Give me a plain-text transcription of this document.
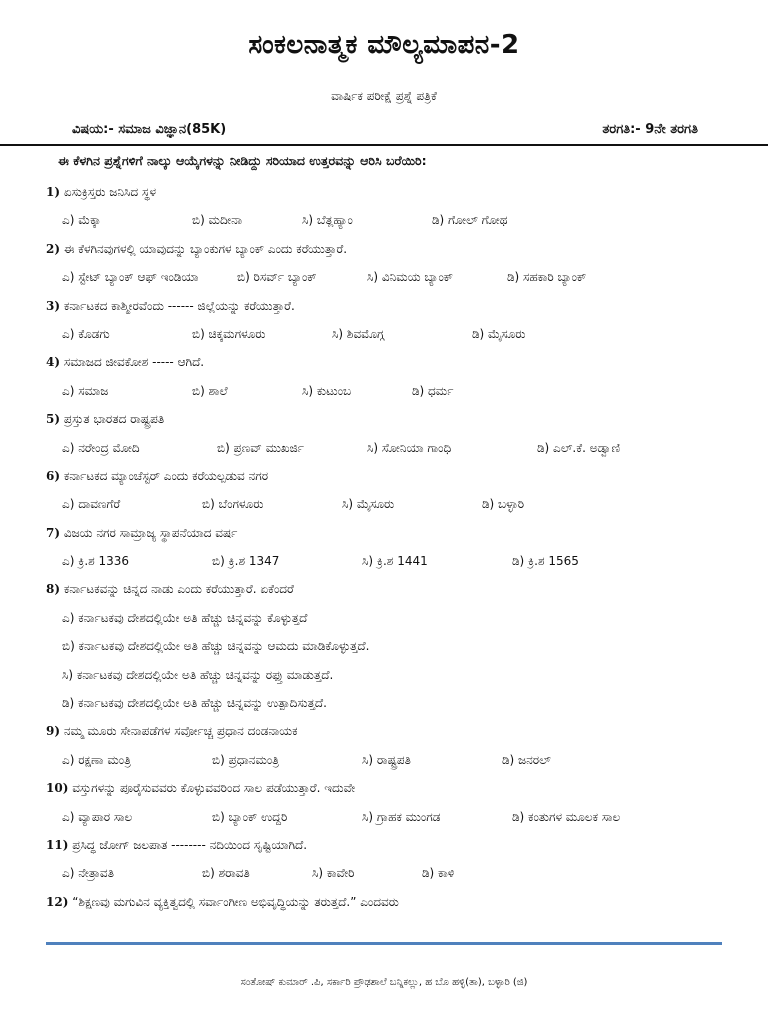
ಸಂಕಲನಾತ್ಮಕ ಮೌಲ್ಯಮಾಪನ-2
ವಾರ್ಷಿಕ ಪರೀಕ್ಷೆ ಪ್ರಶ್ನೆ ಪತ್ರಿಕೆ
ವಿಷಯ:- ಸಮಾಜ ವಿಜ್ಞಾನ(85K)	ತರಗತಿ:- 9ನೇ ತರಗತಿ
ಈ ಕೆಳಗಿನ ಪ್ರಶ್ನೆಗಳಿಗೆ ನಾಲ್ಕು ಆಯ್ಕೆಗಳನ್ನು ನೀಡಿದ್ದು ಸರಿಯಾದ ಉತ್ತರವನ್ನು ಆರಿಸಿ ಬರೆಯಿರಿ:
1) ಏಸುಕ್ರಿಸ್ತರು ಜನಿಸಿದ ಸ್ಥಳ
ಎ) ಮೆಕ್ಕಾ	ಬಿ) ಮದೀನಾ	ಸಿ) ಬೆತ್ಲಹ್ಯಾಂ	ಡಿ) ಗೋಲ್ ಗೋಥ
2) ಈ ಕೆಳಗಿನವುಗಳಲ್ಲಿ ಯಾವುದನ್ನು ಬ್ಯಾಂಕುಗಳ ಬ್ಯಾಂಕ್ ಎಂದು ಕರೆಯುತ್ತಾರೆ.
ಎ) ಸ್ಟೇಟ್ ಬ್ಯಾಂಕ್ ಆಫ್ ಇಂಡಿಯಾ	ಬಿ) ರಿಸರ್ವ್ ಬ್ಯಾಂಕ್	ಸಿ) ವಿನಿಮಯ ಬ್ಯಾಂಕ್	ಡಿ) ಸಹಕಾರಿ ಬ್ಯಾಂಕ್
3) ಕರ್ನಾಟಕದ ಕಾಶ್ಮೀರವೆಂದು ------ ಜಿಲ್ಲೆಯನ್ನು ಕರೆಯುತ್ತಾರೆ.
ಎ) ಕೊಡಗು	ಬಿ) ಚಿಕ್ಕಮಗಳೂರು	ಸಿ) ಶಿವಮೊಗ್ಗ	ಡಿ) ಮೈಸೂರು
4) ಸಮಾಜದ ಜೀವಕೋಶ ----- ಆಗಿದೆ.
ಎ) ಸಮಾಜ	ಬಿ) ಶಾಲೆ	ಸಿ) ಕುಟುಂಬ	ಡಿ) ಧರ್ಮ
5) ಪ್ರಸ್ತುತ ಭಾರತದ ರಾಷ್ಟ್ರಪತಿ
ಎ) ನರೇಂದ್ರ ಮೋದಿ	ಬಿ) ಪ್ರಣವ್ ಮುಖರ್ಜಿ	ಸಿ) ಸೋನಿಯಾ ಗಾಂಧಿ	ಡಿ) ಎಲ್.ಕೆ. ಅಡ್ವಾಣಿ
6) ಕರ್ನಾಟಕದ ಮ್ಯಾಂಚೆಸ್ಟರ್ ಎಂದು ಕರೆಯಲ್ಪಡುವ ನಗರ
ಎ) ದಾವಣಗೆರೆ	ಬಿ) ಬೆಂಗಳೂರು	ಸಿ) ಮೈಸೂರು	ಡಿ) ಬಳ್ಳಾರಿ
7) ವಿಜಯ ನಗರ ಸಾಮ್ರಾಜ್ಯ ಸ್ಥಾಪನೆಯಾದ ವರ್ಷ
ಎ) ಕ್ರಿ.ಶ 1336	ಬಿ) ಕ್ರಿ.ಶ 1347	ಸಿ) ಕ್ರಿ.ಶ 1441	ಡಿ) ಕ್ರಿ.ಶ 1565
8) ಕರ್ನಾಟಕವನ್ನು ಚಿನ್ನದ ನಾಡು ಎಂದು ಕರೆಯುತ್ತಾರೆ. ಏಕೆಂದರೆ
ಎ) ಕರ್ನಾಟಕವು ದೇಶದಲ್ಲಿಯೇ ಅತಿ ಹೆಚ್ಚು ಚಿನ್ನವನ್ನು ಕೊಳ್ಳುತ್ತದೆ
ಬಿ) ಕರ್ನಾಟಕವು ದೇಶದಲ್ಲಿಯೇ ಅತಿ ಹೆಚ್ಚು ಚಿನ್ನವನ್ನು ಆಮದು ಮಾಡಿಕೊಳ್ಳುತ್ತದೆ.
ಸಿ) ಕರ್ನಾಟಕವು ದೇಶದಲ್ಲಿಯೇ ಅತಿ ಹೆಚ್ಚು ಚಿನ್ನವನ್ನು ರಫ್ತು ಮಾಡುತ್ತದೆ.
ಡಿ) ಕರ್ನಾಟಕವು ದೇಶದಲ್ಲಿಯೇ ಅತಿ ಹೆಚ್ಚು ಚಿನ್ನವನ್ನು ಉತ್ಪಾದಿಸುತ್ತದೆ.
9) ನಮ್ಮ ಮೂರು ಸೇನಾಪಡೆಗಳ ಸರ್ವೋಚ್ಚ ಪ್ರಧಾನ ದಂಡನಾಯಕ
ಎ) ರಕ್ಷಣಾ ಮಂತ್ರಿ	ಬಿ) ಪ್ರಧಾನಮಂತ್ರಿ	ಸಿ) ರಾಷ್ಟ್ರಪತಿ	ಡಿ) ಜನರಲ್
10) ವಸ್ತುಗಳನ್ನು ಪೂರೈಸುವವರು ಕೊಳ್ಳುವವರಿಂದ ಸಾಲ ಪಡೆಯುತ್ತಾರೆ. ಇದುವೇ
ಎ) ವ್ಯಾಪಾರ ಸಾಲ	ಬಿ) ಬ್ಯಾಂಕ್ ಉದ್ದರಿ	ಸಿ) ಗ್ರಾಹಕ ಮುಂಗಡ	ಡಿ) ಕಂತುಗಳ ಮೂಲಕ ಸಾಲ
11) ಪ್ರಸಿದ್ಧ ಜೋಗ್ ಜಲಪಾತ -------- ನದಿಯಿಂದ ಸೃಷ್ಟಿಯಾಗಿದೆ.
ಎ) ನೇತ್ರಾವತಿ	ಬಿ) ಶರಾವತಿ	ಸಿ) ಕಾವೇರಿ	ಡಿ) ಕಾಳಿ
12) “ಶಿಕ್ಷಣವು ಮಗುವಿನ ವ್ಯಕ್ತಿತ್ವದಲ್ಲಿ ಸರ್ವಾಂಗೀಣ ಅಭಿವೃದ್ಧಿಯನ್ನು ತರುತ್ತದೆ.” ಎಂದವರು
ಸಂತೋಷ್ ಕುಮಾರ್ .ಪಿ, ಸರ್ಕಾರಿ ಪ್ರೌಢಶಾಲೆ ಬನ್ನಿಕಲ್ಲು, ಹ ಬೊ ಹಳ್ಳಿ(ತಾ), ಬಳ್ಳಾರಿ (ಜಿ)
